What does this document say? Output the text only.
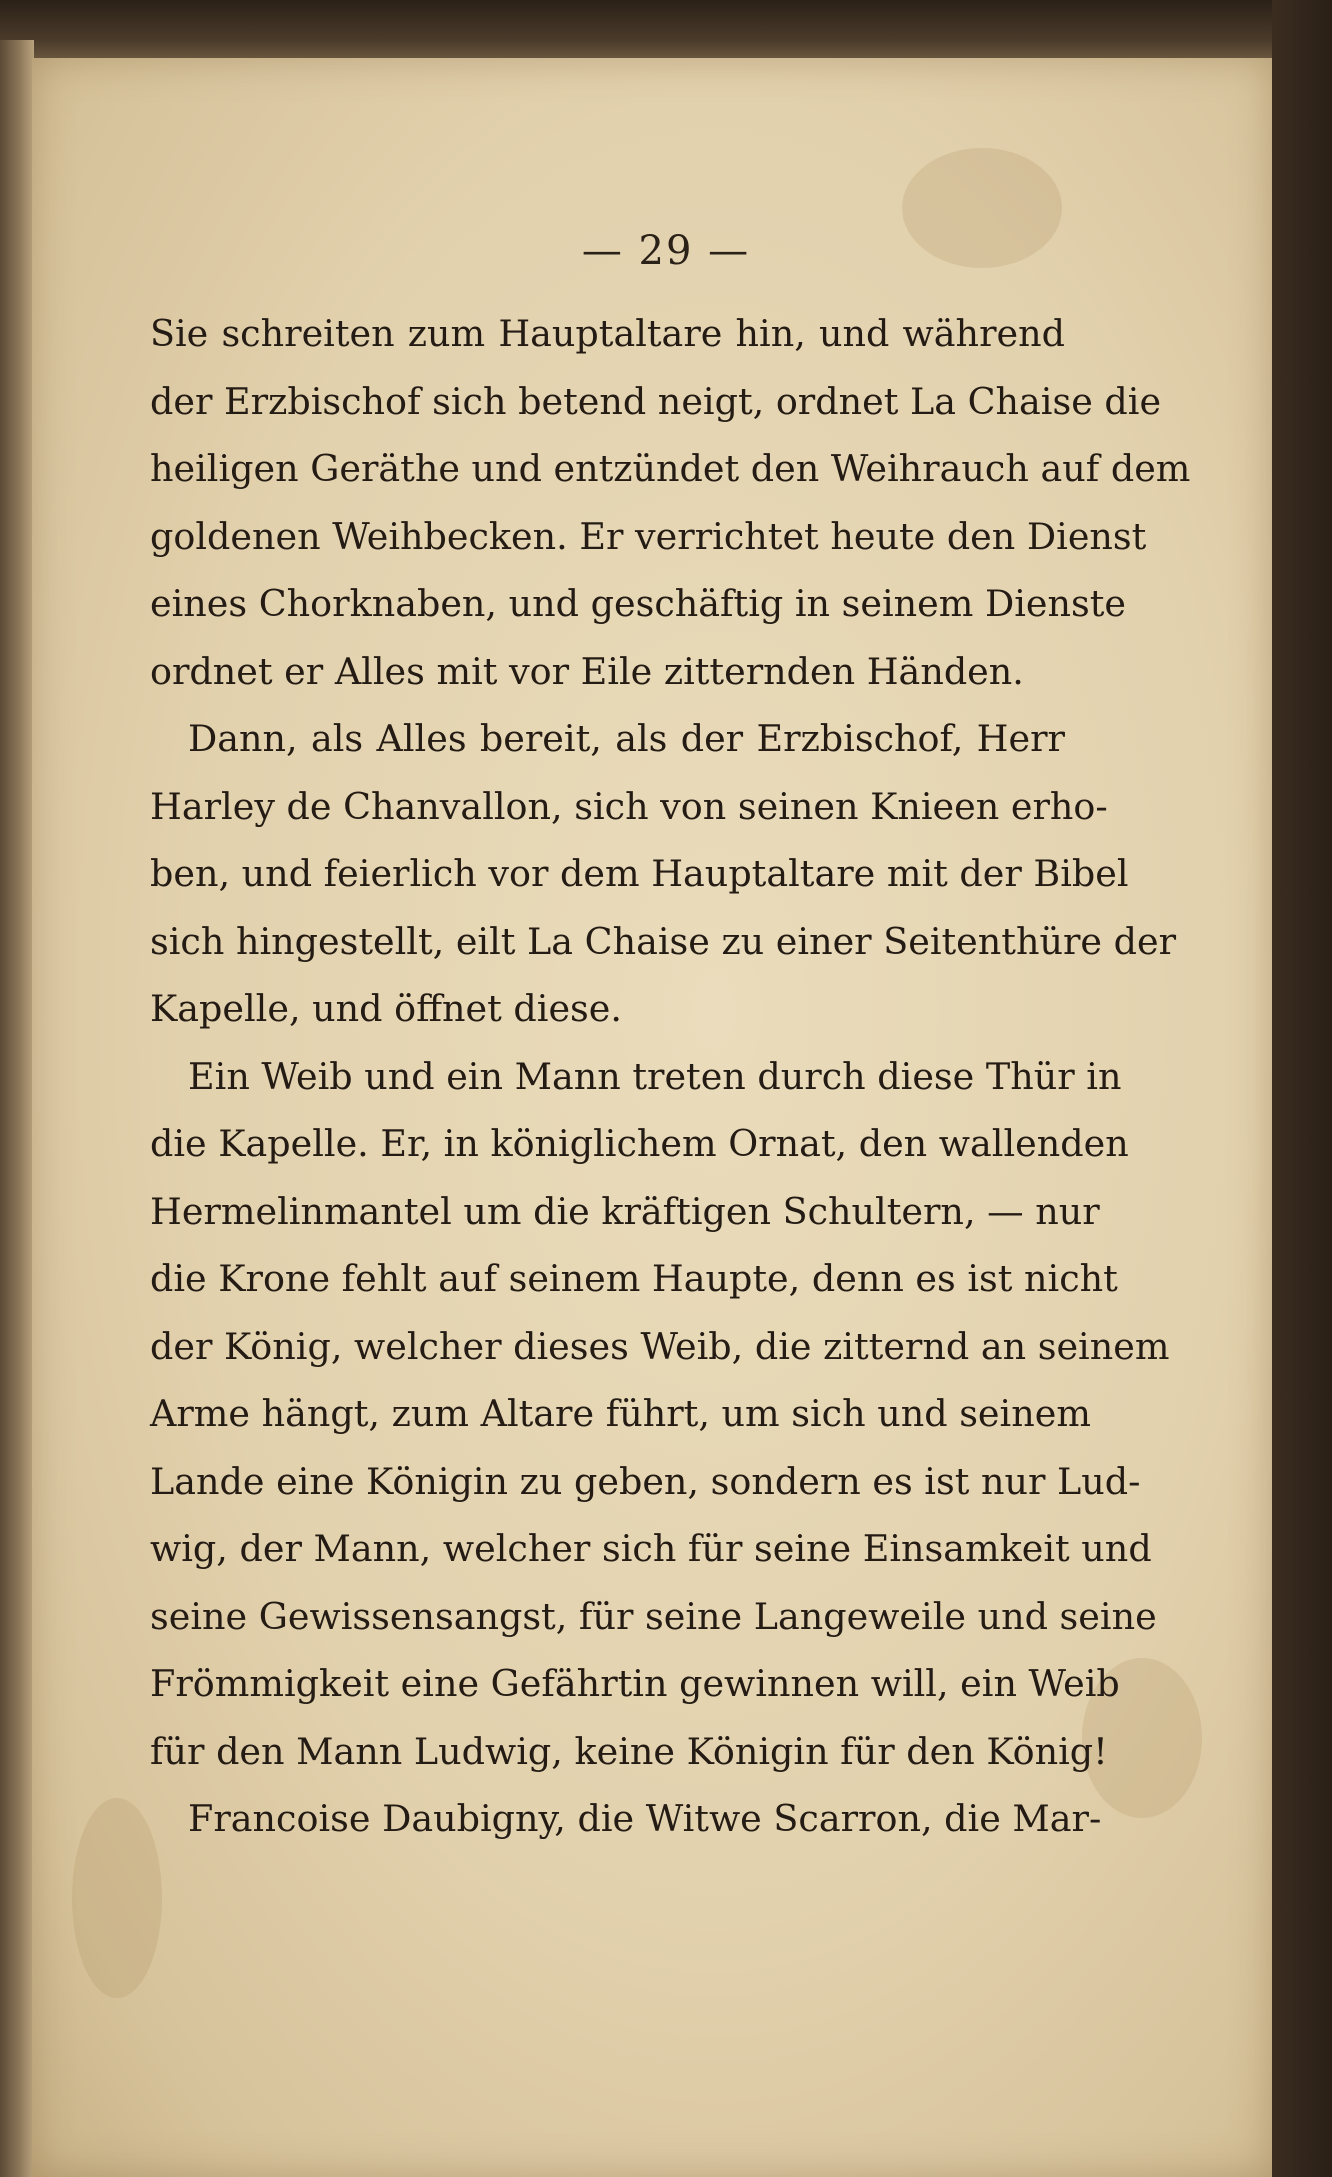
— 29 —
Sie schreiten zum Hauptaltare hin, und während
der Erzbischof sich betend neigt, ordnet La Chaise die
heiligen Geräthe und entzündet den Weihrauch auf dem
goldenen Weihbecken. Er verrichtet heute den Dienst
eines Chorknaben, und geschäftig in seinem Dienste
ordnet er Alles mit vor Eile zitternden Händen.
Dann, als Alles bereit, als der Erzbischof, Herr
Harley de Chanvallon, sich von seinen Knieen erho-
ben, und feierlich vor dem Hauptaltare mit der Bibel
sich hingestellt, eilt La Chaise zu einer Seitenthüre der
Kapelle, und öffnet diese.
Ein Weib und ein Mann treten durch diese Thür in
die Kapelle. Er, in königlichem Ornat, den wallenden
Hermelinmantel um die kräftigen Schultern, — nur
die Krone fehlt auf seinem Haupte, denn es ist nicht
der König, welcher dieses Weib, die zitternd an seinem
Arme hängt, zum Altare führt, um sich und seinem
Lande eine Königin zu geben, sondern es ist nur Lud-
wig, der Mann, welcher sich für seine Einsamkeit und
seine Gewissensangst, für seine Langeweile und seine
Frömmigkeit eine Gefährtin gewinnen will, ein Weib
für den Mann Ludwig, keine Königin für den König!
Francoise Daubigny, die Witwe Scarron, die Mar-
